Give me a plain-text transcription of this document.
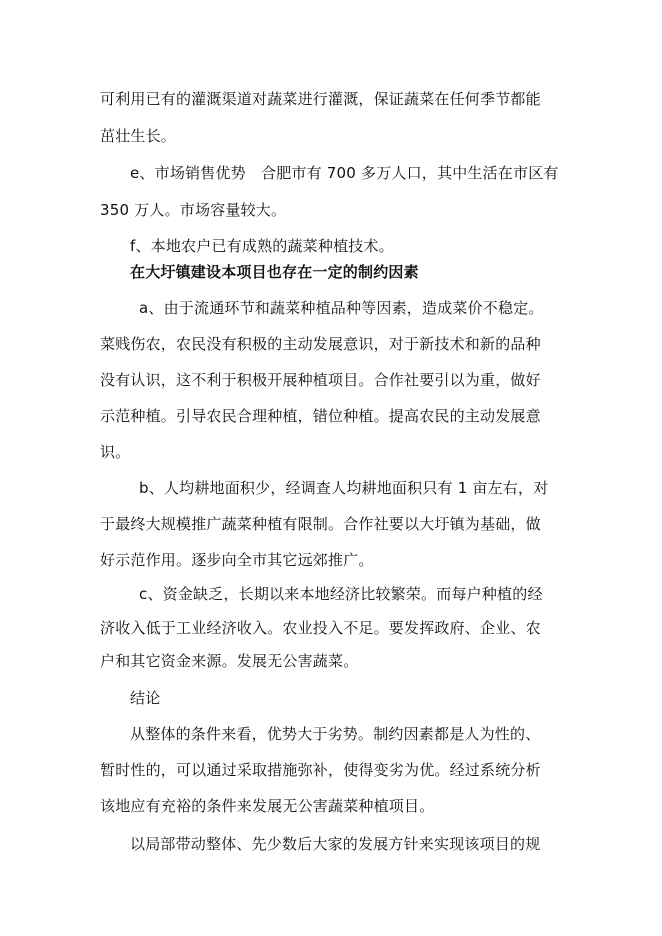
可利用已有的灌溉渠道对蔬菜进行灌溉，保证蔬菜在任何季节都能
茁壮生长。
e、市场销售优势　合肥市有 700 多万人口，其中生活在市区有
350 万人。市场容量较大。
f、本地农户已有成熟的蔬菜种植技术。
在大圩镇建设本项目也存在一定的制约因素
a、由于流通环节和蔬菜种植品种等因素，造成菜价不稳定。
菜贱伤农，农民没有积极的主动发展意识，对于新技术和新的品种
没有认识，这不利于积极开展种植项目。合作社要引以为重，做好
示范种植。引导农民合理种植，错位种植。提高农民的主动发展意
识。
b、人均耕地面积少，经调查人均耕地面积只有 1 亩左右，对
于最终大规模推广蔬菜种植有限制。合作社要以大圩镇为基础，做
好示范作用。逐步向全市其它远郊推广。
c、资金缺乏，长期以来本地经济比较繁荣。而每户种植的经
济收入低于工业经济收入。农业投入不足。要发挥政府、企业、农
户和其它资金来源。发展无公害蔬菜。
结论
从整体的条件来看，优势大于劣势。制约因素都是人为性的、
暂时性的，可以通过采取措施弥补，使得变劣为优。经过系统分析
该地应有充裕的条件来发展无公害蔬菜种植项目。
以局部带动整体、先少数后大家的发展方针来实现该项目的规
